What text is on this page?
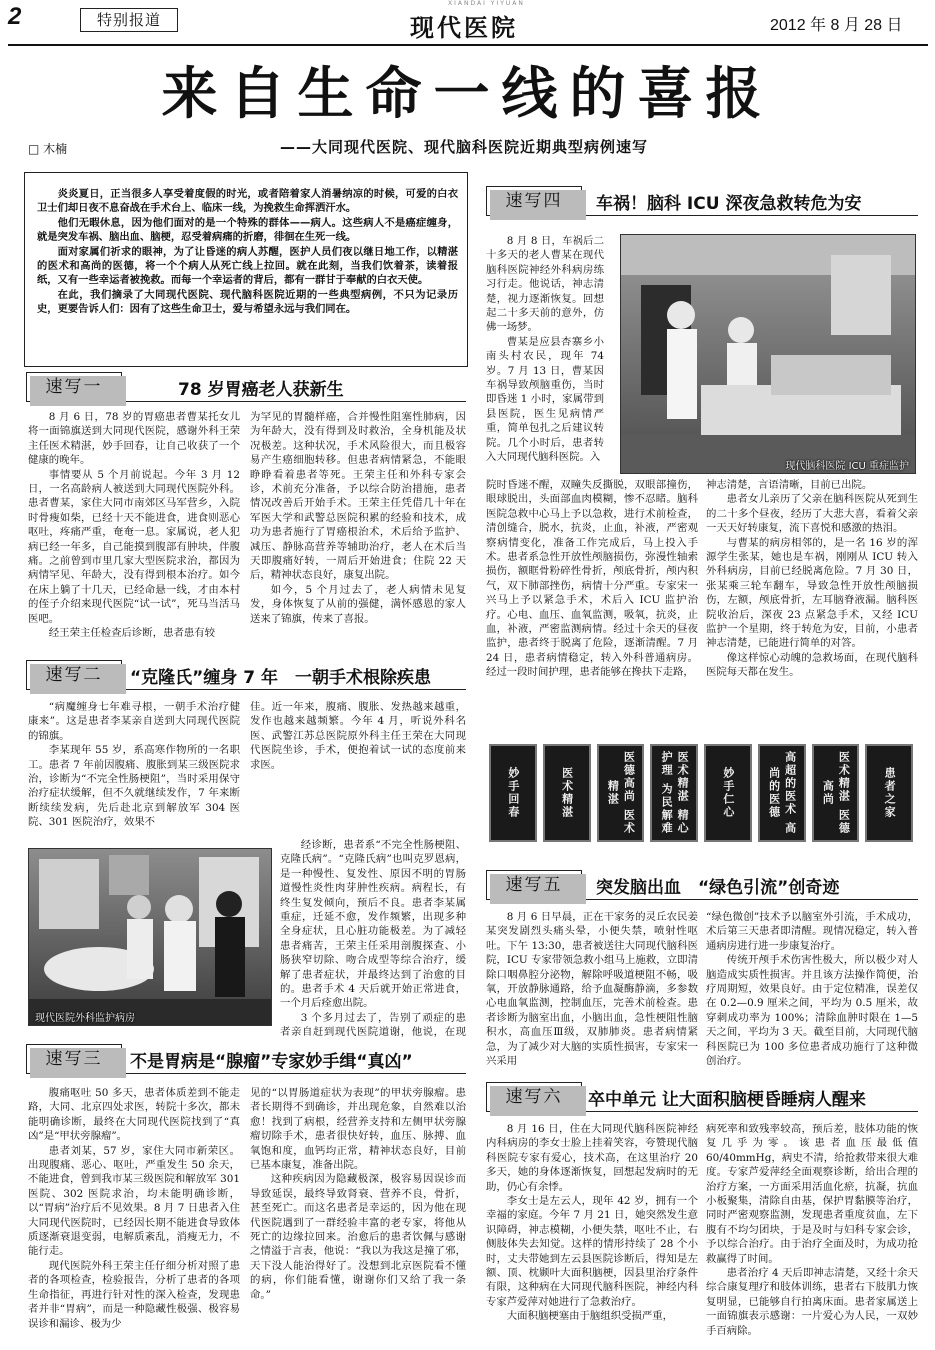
2	特别报道
XIANDAI YIYUAN
现代医院	2012 年 8 月 28 日
来自生命一线的喜报
□ 木楠	——大同现代医院、现代脑科医院近期典型病例速写

炎炎夏日，正当很多人享受着度假的时光，或者陪着家人消暑纳凉的时候，可爱的白衣卫士们却日夜不息奋战在手术台上、临床一线，为挽救生命挥洒汗水。

他们无暇休息，因为他们面对的是一个特殊的群体——病人。这些病人不是癌症缠身，就是突发车祸、脑出血、脑梗，忍受着病痛的折磨，徘徊在生死一线。

面对家属们祈求的眼神，为了让昏迷的病人苏醒，医护人员们夜以继日地工作，以精湛的医术和高尚的医德，将一个个病人从死亡线上拉回。就在此刻，当我们饮着茶，读着报纸，又有一些幸运者被挽救。而每一个幸运者的背后，都有一群甘于奉献的白衣天使。

在此，我们摘录了大同现代医院、现代脑科医院近期的一些典型病例，不只为记录历史，更要告诉人们：因有了这些生命卫士，爱与希望永远与我们同在。

速写一	78 岁胃癌老人获新生

8 月 6 日，78 岁的胃癌患者曹某托女儿将一面锦旗送到大同现代医院，感谢外科王荣主任医术精湛，妙手回春，让自己收获了一个健康的晚年。

事情要从 5 个月前说起。今年 3 月 12 日，一名高龄病人被送到大同现代医院外科。患者曹某，家住大同市南郊区马军营乡，入院时骨瘦如柴，已经十天不能进食，进食则恶心呕吐，疼痛严重，奄奄一息。家属说，老人犯病已经一年多，自己能摸到腹部有肿块，伴腹痛。之前曾到市里几家大型医院求治，都因为病情罕见、年龄大，没有得到根本治疗。如今在床上躺了十几天，已经命悬一线，才由本村的侄子介绍来现代医院“试一试”，死马当活马医吧。

经王荣主任检查后诊断，患者患有较

为罕见的胃髓样癌，合并慢性阻塞性肺病，因为年龄大，没有得到及时救治，全身机能及状况极差。这种状况，手术风险很大，而且极容易产生癌细胞转移。但患者病情紧急，不能眼睁睁看着患者等死。王荣主任和外科专家会诊，术前充分准备，予以综合防治措施，患者情况改善后开始手术。王荣主任凭借几十年在军医大学和武警总医院积累的经验和技术，成功为患者施行了胃癌根治术，术后给予监护、减压、静脉高营养等辅助治疗，老人在术后当天即腹痛好转，一周后开始进食；住院 22 天后，精神状态良好，康复出院。

如今，5 个月过去了，老人病情未见复发，身体恢复了从前的强健，满怀感恩的家人送来了锦旗，传来了喜报。

速写二	“克隆氏”缠身 7 年　一朝手术根除疾患

“病魔缠身七年难寻根，一朝手术治疗健康来”。这是患者李某亲自送到大同现代医院的锦旗。

李某现年 55 岁，系高寒作物所的一名职工。患者 7 年前因腹痛、腹胀到某三级医院求治，诊断为“不完全性肠梗阻”，当时采用保守治疗症状缓解，但不久就继续发作，7 年来断断续续发病，先后赴北京到解放军 304 医院、301 医院治疗，效果不

佳。近一年来，腹痛、腹胀、发热越来越重，发作也越来越频繁。今年 4 月，听说外科名医、武警江苏总医院原外科主任王荣在大同现代医院坐诊，手术，便抱着试一试的态度前来求医。

现代医院外科监护病房

经诊断，患者系“不完全性肠梗阻、克隆氏病”。“克隆氏病”也叫克罗恩病，是一种慢性、复发性、原因不明的胃肠道慢性炎性肉芽肿性疾病。病程长，有终生复发倾向，预后不良。患者李某属重症，迁延不愈，发作频繁，出现多种全身症状，且心脏功能极差。为了减轻患者痛苦，王荣主任采用剖腹探查、小肠狭窄切除、吻合成型等综合治疗，缓解了患者症状，并最终达到了治愈的目的。患者手术 4 天后就开始正常进食，一个月后痊愈出院。

3 个多月过去了，告别了顽症的患者亲自赶到现代医院道谢，他说，在现

速写三	不是胃病是“腺瘤”专家妙手缉“真凶”

腹痛呕吐 50 多天，患者体质差到不能走路，大同、北京四处求医，转院十多次，都未能明确诊断，最终在大同现代医院找到了“真凶”是“甲状旁腺瘤”。

患者刘某，57 岁，家住大同市新荣区。出现腹痛、恶心、呕吐，严重发生 50 余天，不能进食，曾到我市某三级医院和解放军 301 医院、302 医院求治，均未能明确诊断，以“胃病”治疗后不见效果。8 月 7 日患者入住大同现代医院时，已经因长期不能进食导致体质逐渐衰退变弱，电解质紊乱，消瘦无力，不能行走。

现代医院外科王荣主任仔细分析对照了患者的各项检查，检验报告，分析了患者的各项生命指征，再进行针对性的深入检查，发现患者并非“胃病”，而是一种隐藏性极强、极容易误诊和漏诊、极为少

见的“以胃肠道症状为表现”的甲状旁腺瘤。患者长期得不到确诊，并出现危象，自然难以治愈！找到了病根，经营养支持和左侧甲状旁腺瘤切除手术，患者很快好转，血压、脉搏、血氧饱和度，血钙均正常，精神状态良好，目前已基本康复，准备出院。

这种疾病因为隐藏极深，极容易因误诊而导致延误，最终导致肾衰、营养不良，骨折，甚至死亡。而这名患者是幸运的，因为他在现代医院遇到了一群经验丰富的老专家，将他从死亡的边缘拉回来。治愈后的患者饮佩与感谢之情溢于言表，他说：“我以为我这是撞了邪，天下没人能治得好了。没想到北京医院看不懂的病，你们能看懂，谢谢你们又给了我一条命。”

速写四	车祸！脑科 ICU 深夜急救转危为安

8 月 8 日，车祸后二十多天的老人曹某在现代脑科医院神经外科病房练习行走。他说话，神志清楚，视力逐渐恢复。回想起二十多天前的意外，仿佛一场梦。

曹某是应县杏寨乡小南头村农民，现年 74 岁。7 月 13 日，曹某因车祸导致颅脑重伤，当时即昏迷 1 小时，家属带到县医院，医生见病情严重，简单包扎之后建议转院。几个小时后，患者转入大同现代脑科医院。入

现代脑科医院 ICU 重症监护

院时昏迷不醒，双瞳失反撕脱，双眼部撞伤，眼球脱出，头面部血肉模糊，惨不忍睹。脑科医院急救中心马上予以急救，进行术前检查，清创缝合，脱水，抗炎，止血，补液，严密观察病情变化，准备工作完成后，马上投入手术。患者系急性开放性颅脑损伤，弥漫性轴索损伤，额眶骨粉碎性骨折，颅底骨折，颅内积气，双下肺部挫伤，病情十分严重。专家宋一兴马上予以紧急手术，术后入 ICU 监护治疗。心电、血压、血氧监测，吸氧，抗炎，止血，补液，严密监测病情。经过十余天的昼夜监护，患者终于脱离了危险，逐渐清醒。7 月 24 日，患者病情稳定，转入外科普通病房。经过一段时间护理，患者能够在搀扶下走路，

神志清楚，言语清晰，目前已出院。

患者女儿亲历了父亲在脑科医院从死到生的二十多个昼夜，经历了大悲大喜，看着父亲一天天好转康复，流下喜悦和感激的热泪。

与曹某的病房相邻的，是一名 16 岁的浑源学生张某，她也是车祸，刚刚从 ICU 转入外科病房，目前已经脱离危险。7 月 30 日，张某乘三轮车翻车，导致急性开放性颅脑损伤，左额，颅底骨折，左耳脑脊液漏。脑科医院收治后，深夜 23 点紧急手术，又经 ICU 监护一个星期，终于转危为安，目前，小患者神志清楚，已能进行简单的对答。

像这样惊心动魄的急救场面，在现代脑科医院每天都在发生。

妙手回春	医术精湛	医德高尚 医术精湛	医术精湛 精心护理 为民解难	妙手仁心	高超的医术 高尚的医德	医术精湛 医德高尚	患者之家
速写五	突发脑出血　“绿色引流”创奇迹

8 月 6 日早晨，正在干家务的灵丘农民姜某突发剧烈头痛头晕，小便失禁，喷射性呕吐。下午 13:30，患者被送往大同现代脑科医院，ICU 专家带领急救小组马上施救，立即清除口咽鼻腔分泌物，解除呼吸道梗阻不畅，吸氧，开放静脉通路，给予血凝酶静滴，多参数心电血氧监测，控制血压，完善术前检查。患者诊断为脑室出血，小脑出血，急性梗阻性脑积水，高血压Ⅲ级，双肺肺炎。患者病情紧急，为了减少对大脑的实质性损害，专家宋一兴采用

“绿色微创”技术予以脑室外引流，手术成功，术后第三天患者即清醒。现情况稳定，转入普通病房进行进一步康复治疗。

传统开颅手术伤害性极大，所以极少对人脑造成实质性损害。并且该方法操作简便，治疗周期短，效果良好。由于定位精准，误差仅在 0.2—0.9 厘米之间，平均为 0.5 厘米，故穿刺成功率为 100%；清除血肿时限在 1—5 天之间，平均为 3 天。截至目前，大同现代脑科医院已为 100 多位患者成功施行了这种微创治疗。

速写六	卒中单元 让大面积脑梗昏睡病人醒来

8 月 16 日，住在大同现代脑科医院神经内科病房的李女士脸上挂着笑容，夸赞现代脑科医院专家有爱心，技术高，在这里治疗 20 多天，她的身体逐渐恢复，回想起发病时的无助，仍心有余悸。

李女士是左云人，现年 42 岁，拥有一个幸福的家庭。今年 7 月 21 日，她突然发生意识障碍，神志模糊，小便失禁，呕吐不止，右侧肢体失去知觉。这样的情形持续了 28 个小时，丈夫带她到左云县医院诊断后，得知是左额、顶、枕颞叶大面积脑梗，因县里治疗条件有限，这种病在大同现代脑科医院，神经内科专家芦爱萍对她进行了急救治疗。

大面积脑梗塞由于脑组织受损严重，

病死率和致残率较高，预后差，肢体功能的恢复几乎为零。该患者血压最低值 60/40mmHg，病史不清，给抢救带来很大难度。专家芦爱萍经全面观察诊断，给出合理的治疗方案，一方面采用活血化瘀，抗凝，抗血小板聚集，清除自由基，保护胃黏膜等治疗，同时严密观察监测，发现患者重度贫血，左下腹有不均匀团块，于是及时与妇科专家会诊，予以综合治疗。由于治疗全面及时，为成功抢救赢得了时间。

患者治疗 4 天后即神志清楚，又经十余天综合康复理疗和肢体训练，患者右下肢肌力恢复明显，已能够自行拍离床面。患者家属送上一面锦旗表示感谢：一片爱心为人民，一双妙手百病除。
